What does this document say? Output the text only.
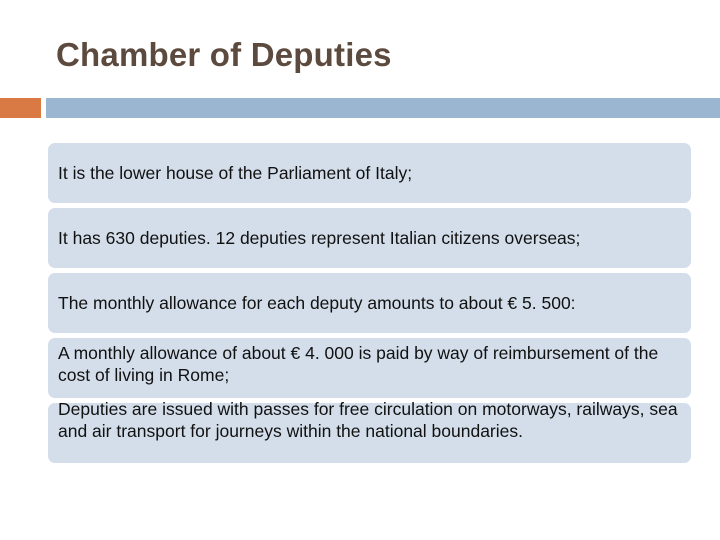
Chamber of Deputies
It is the lower house of the Parliament of Italy;
It has 630 deputies. 12 deputies represent Italian citizens overseas;
The monthly allowance for each deputy amounts to about € 5. 500:
A monthly allowance of about € 4. 000 is paid by way of reimbursement of the cost of living in Rome;
Deputies are issued with passes for free circulation on motorways, railways, sea and air transport for journeys within the national boundaries.
